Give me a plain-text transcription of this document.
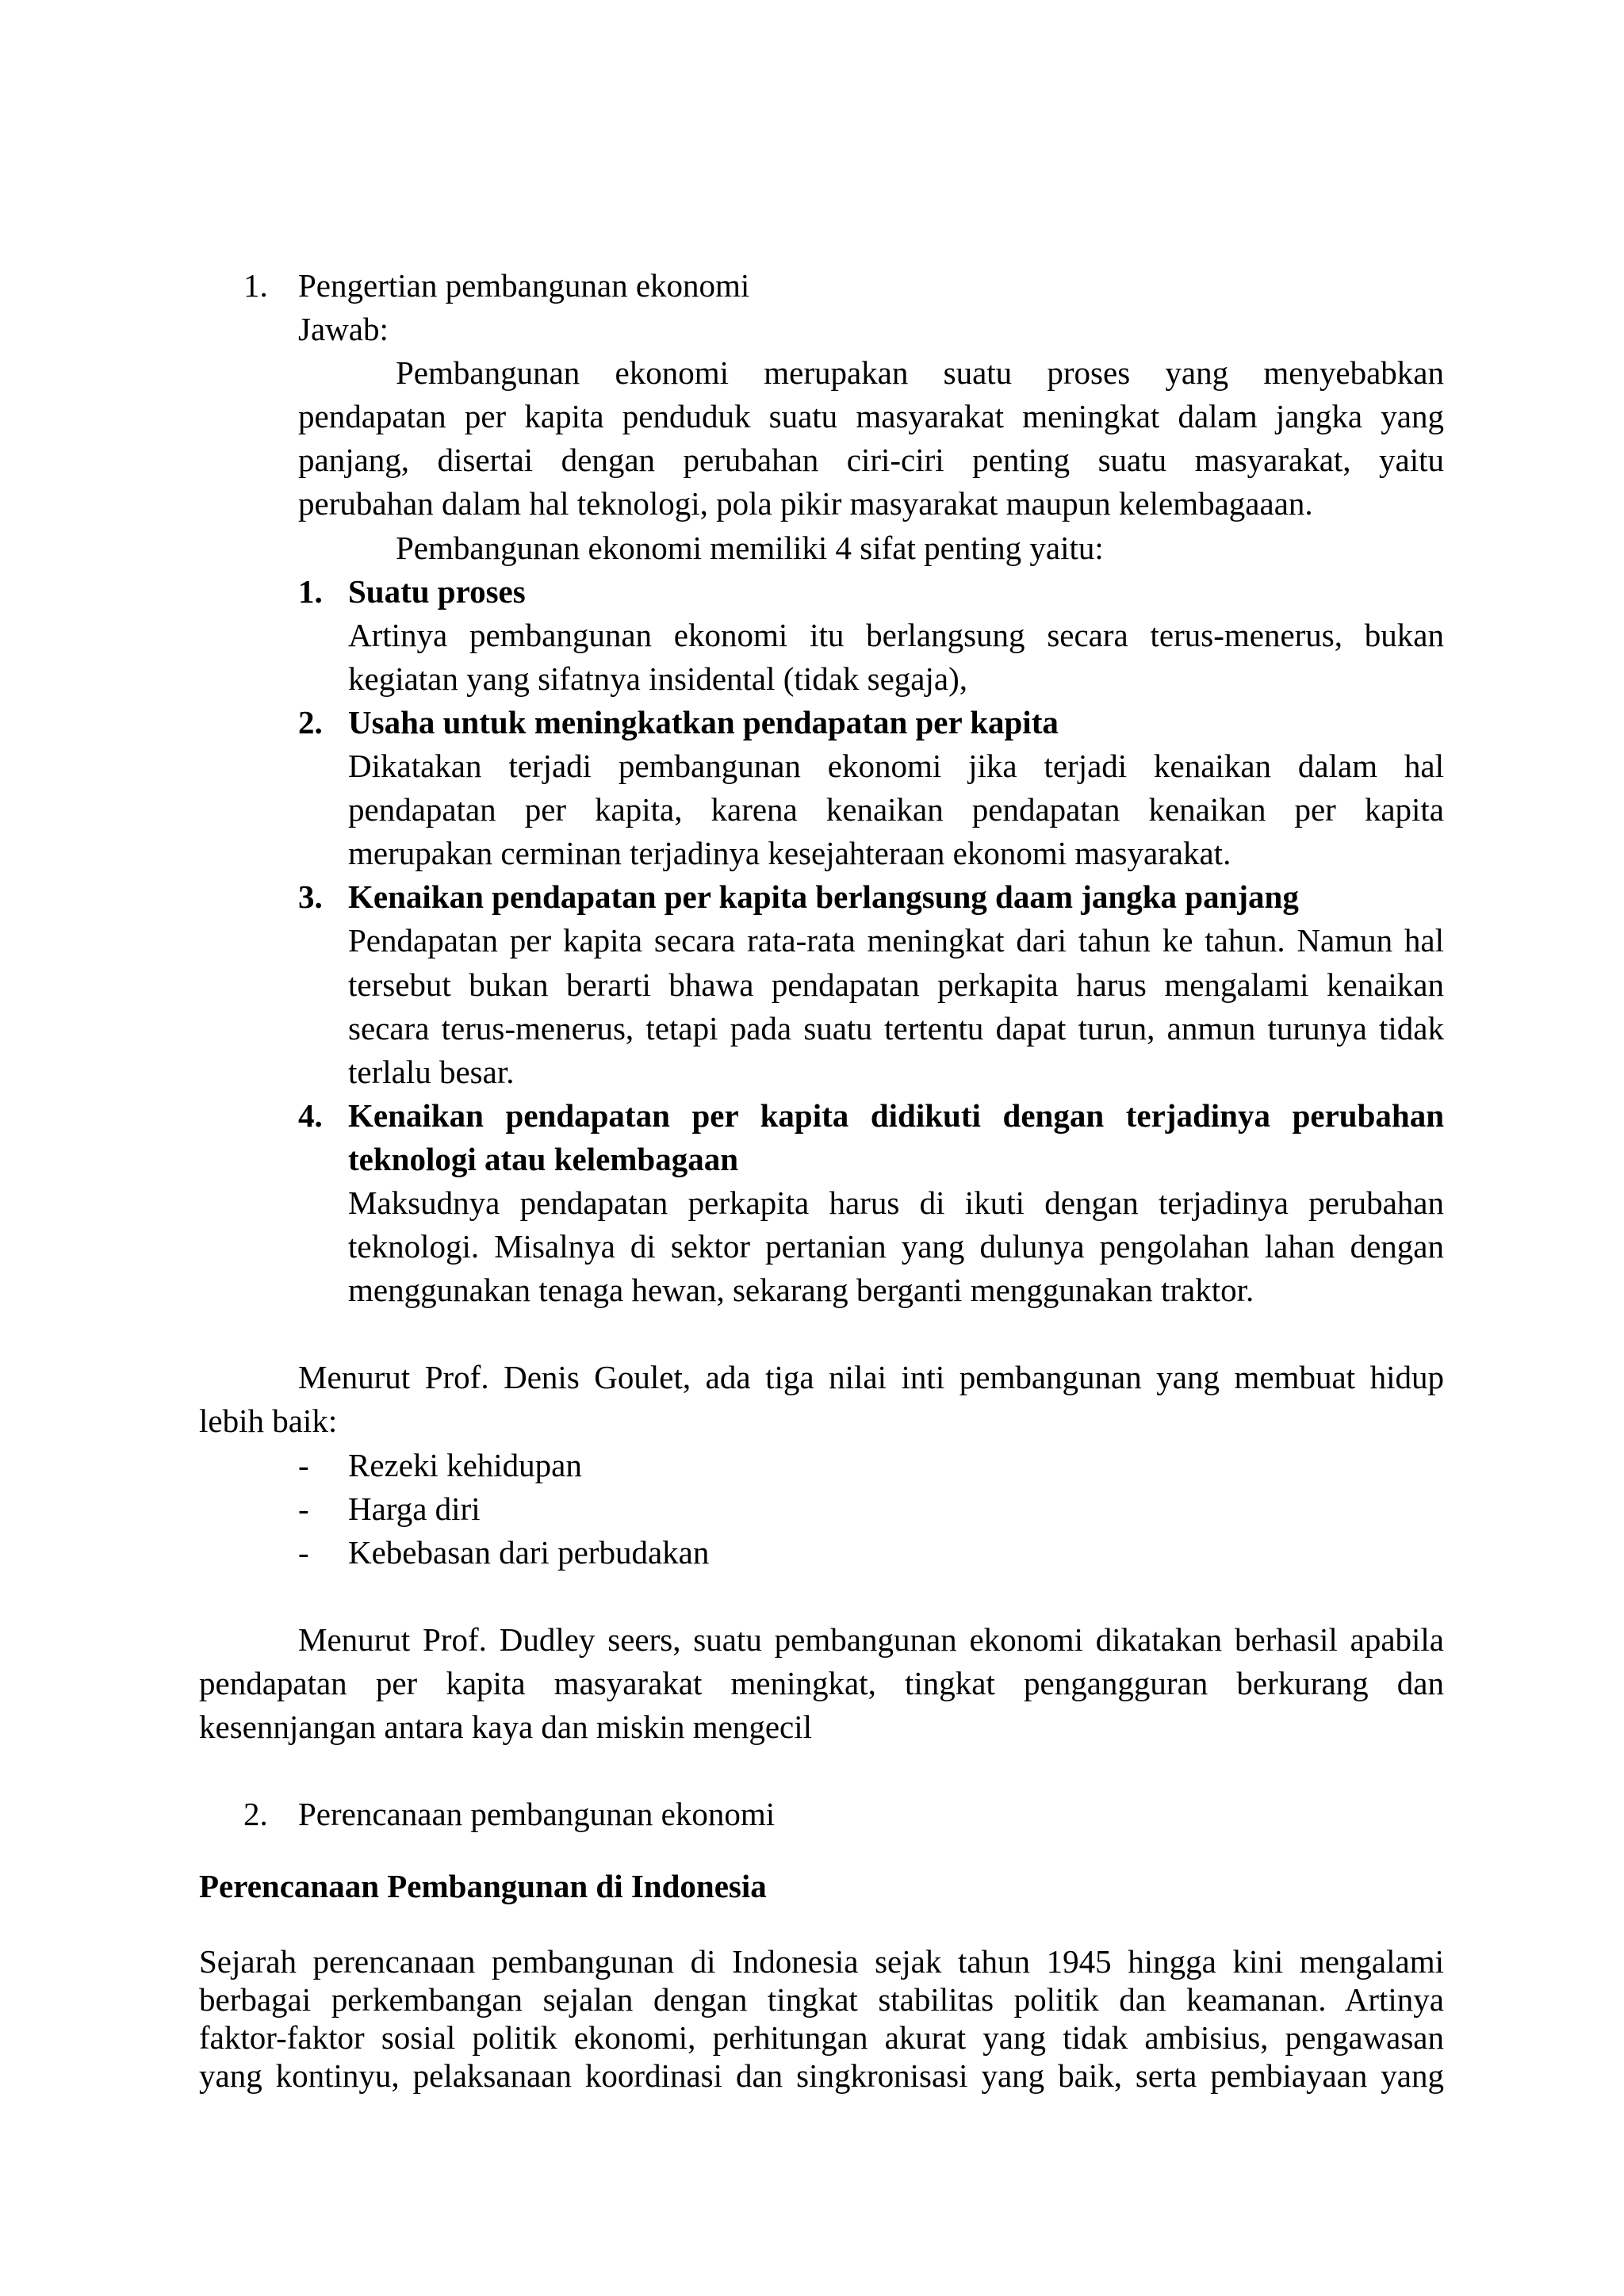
1. Pengertian pembangunan ekonomi
Jawab:
Pembangunan ekonomi merupakan suatu proses yang menyebabkan
pendapatan per kapita penduduk suatu masyarakat meningkat dalam jangka yang
panjang, disertai dengan perubahan ciri-ciri penting suatu masyarakat, yaitu
perubahan dalam hal teknologi, pola pikir masyarakat maupun kelembagaaan.
Pembangunan ekonomi memiliki 4 sifat penting yaitu:
1. Suatu proses
Artinya pembangunan ekonomi itu berlangsung secara terus-menerus, bukan
kegiatan yang sifatnya insidental (tidak segaja),
2. Usaha untuk meningkatkan pendapatan per kapita
Dikatakan terjadi pembangunan ekonomi jika terjadi kenaikan dalam hal
pendapatan per kapita, karena kenaikan pendapatan kenaikan per kapita
merupakan cerminan terjadinya kesejahteraan ekonomi masyarakat.
3. Kenaikan pendapatan per kapita berlangsung daam jangka panjang
Pendapatan per kapita secara rata-rata meningkat dari tahun ke tahun. Namun hal
tersebut bukan berarti bhawa pendapatan perkapita harus mengalami kenaikan
secara terus-menerus, tetapi pada suatu tertentu dapat turun, anmun turunya tidak
terlalu besar.
4. Kenaikan pendapatan per kapita didikuti dengan terjadinya perubahan
teknologi atau kelembagaan
Maksudnya pendapatan perkapita harus di ikuti dengan terjadinya perubahan
teknologi. Misalnya di sektor pertanian yang dulunya pengolahan lahan dengan
menggunakan tenaga hewan, sekarang berganti menggunakan traktor.
Menurut Prof. Denis Goulet, ada tiga nilai inti pembangunan yang membuat hidup
lebih baik:
- Rezeki kehidupan
- Harga diri
- Kebebasan dari perbudakan
Menurut Prof. Dudley seers, suatu pembangunan ekonomi dikatakan berhasil apabila
pendapatan per kapita masyarakat meningkat, tingkat pengangguran berkurang dan
kesennjangan antara kaya dan miskin mengecil
2. Perencanaan pembangunan ekonomi
Perencanaan Pembangunan di Indonesia
Sejarah perencanaan pembangunan di Indonesia sejak tahun 1945 hingga kini mengalami
berbagai perkembangan sejalan dengan tingkat stabilitas politik dan keamanan. Artinya
faktor-faktor sosial politik ekonomi, perhitungan akurat yang tidak ambisius, pengawasan
yang kontinyu, pelaksanaan koordinasi dan singkronisasi yang baik, serta pembiayaan yang
